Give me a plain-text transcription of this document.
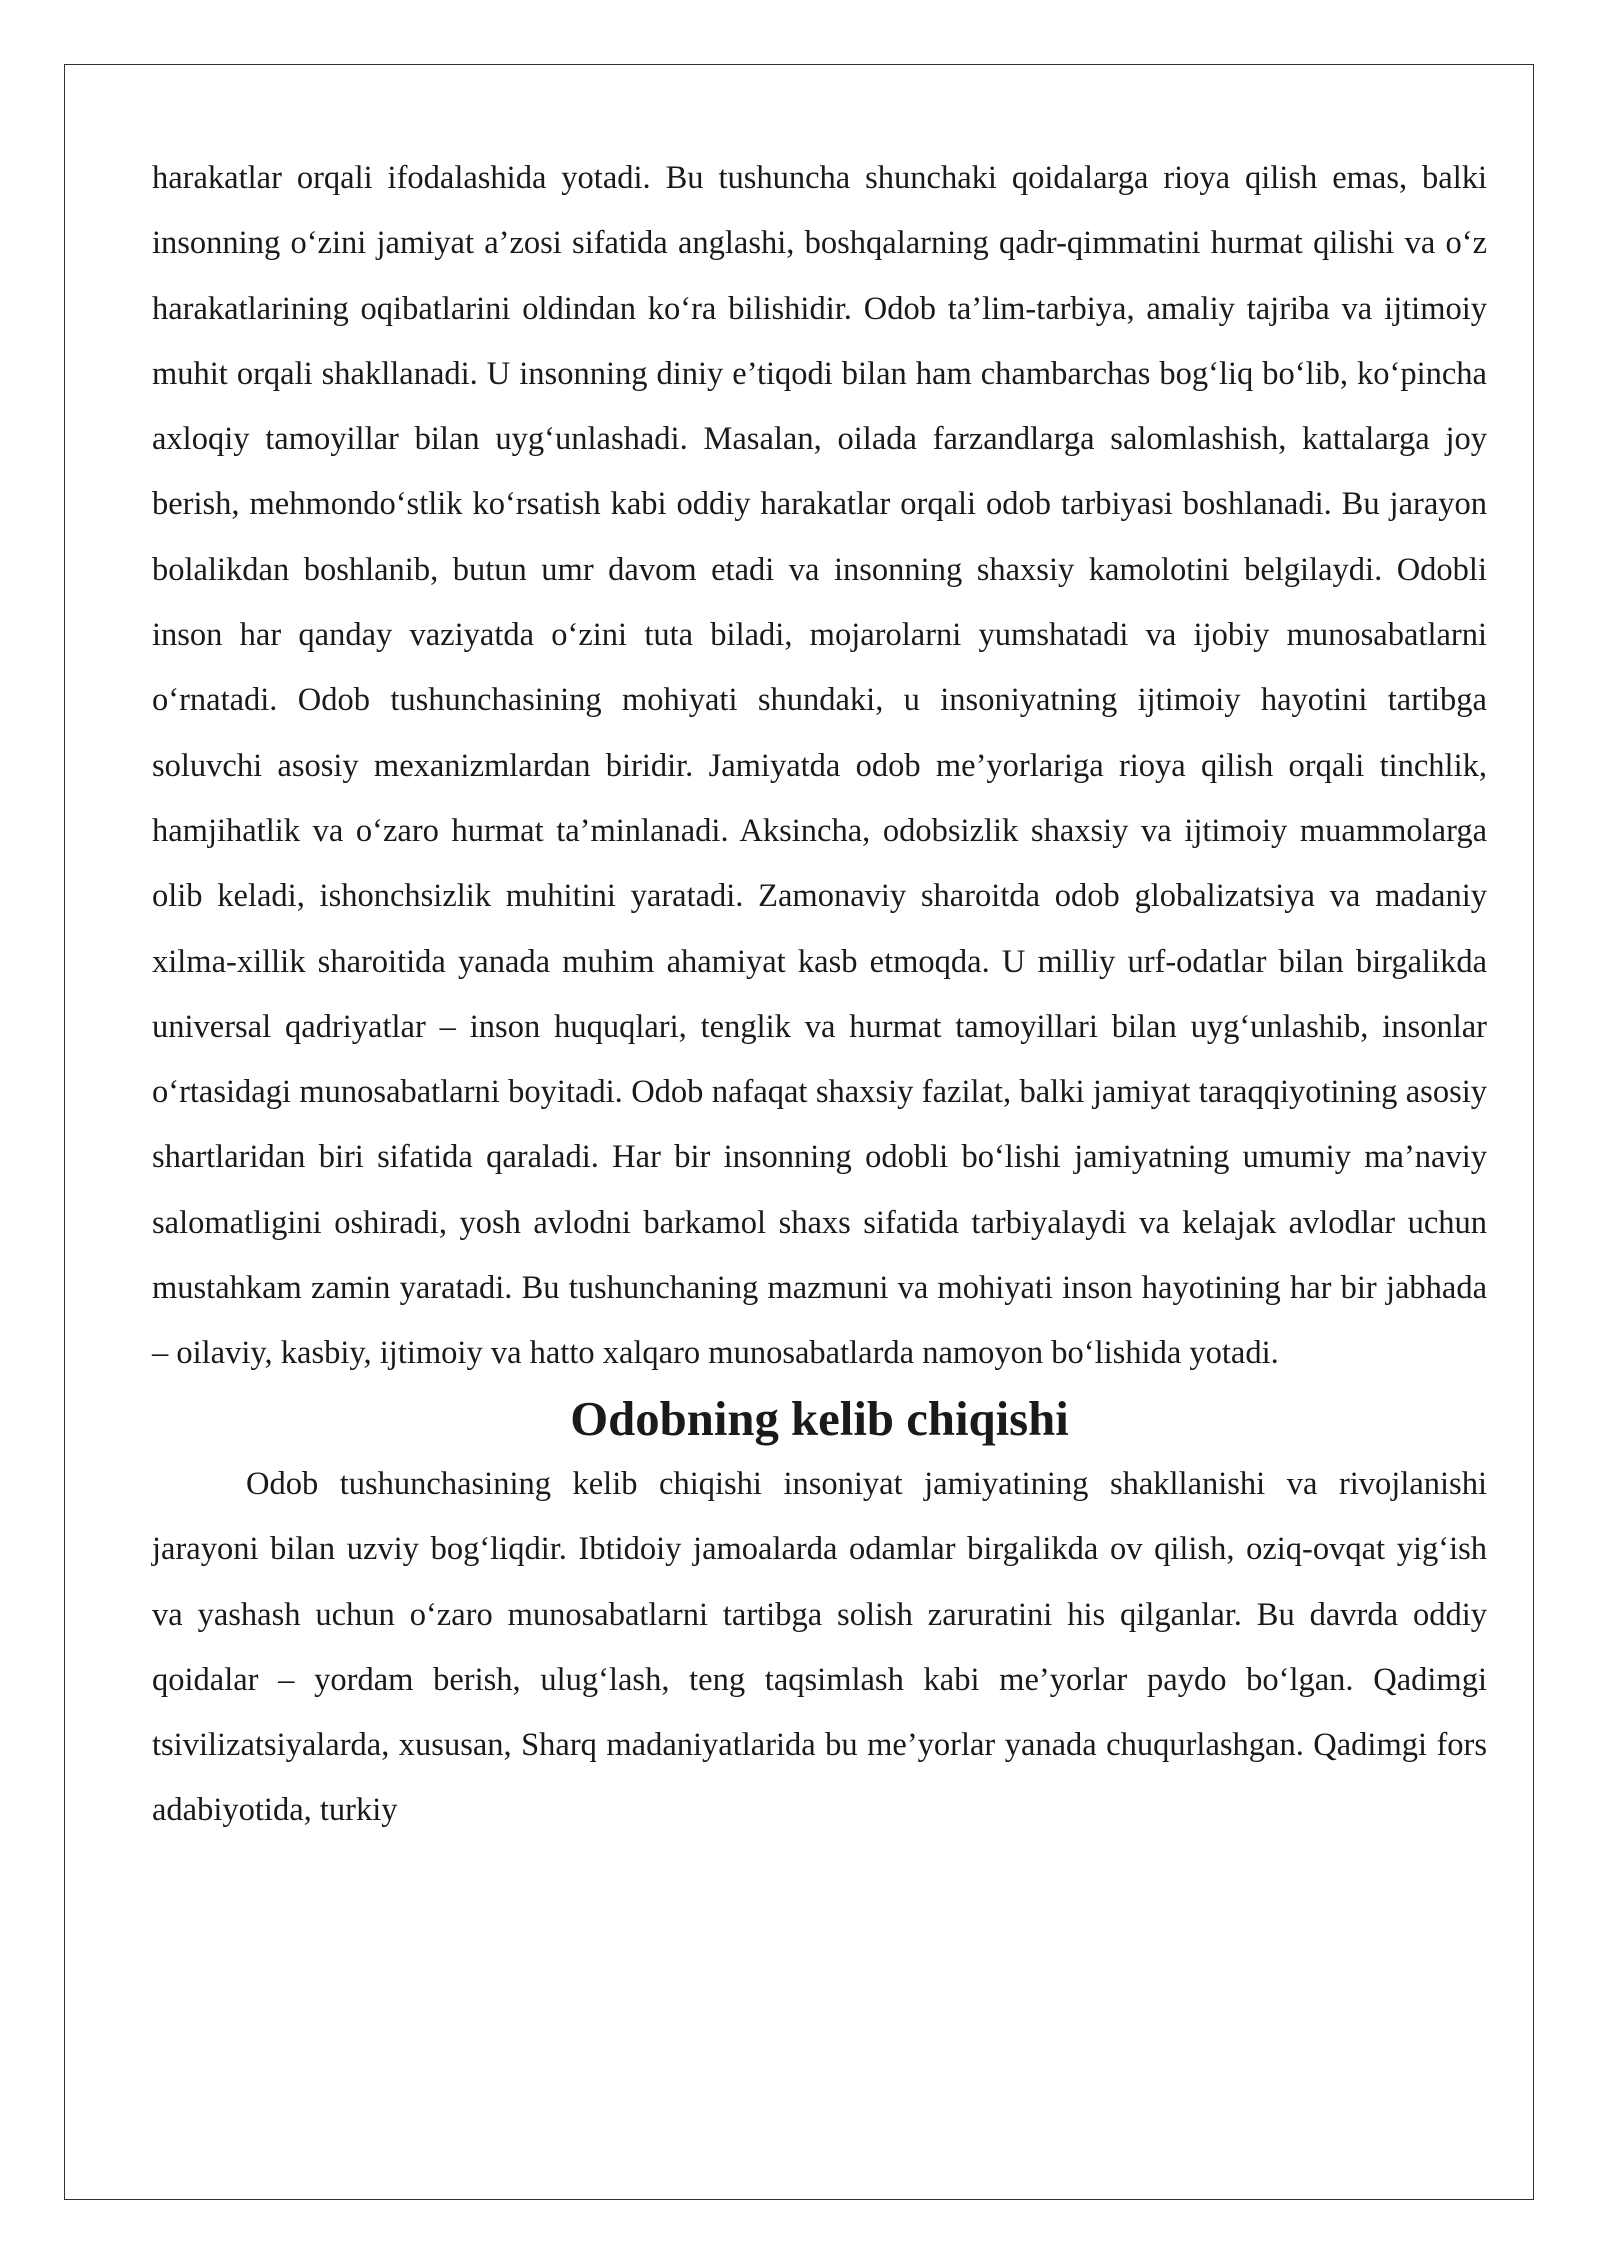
harakatlar orqali ifodalashida yotadi. Bu tushuncha shunchaki qoidalarga rioya qilish emas, balki insonning o‘zini jamiyat a’zosi sifatida anglashi, boshqalarning qadr-qimmatini hurmat qilishi va o‘z harakatlarining oqibatlarini oldindan ko‘ra bilishidir. Odob ta’lim-tarbiya, amaliy tajriba va ijtimoiy muhit orqali shakllanadi. U insonning diniy e’tiqodi bilan ham chambarchas bog‘liq bo‘lib, ko‘pincha axloqiy tamoyillar bilan uyg‘unlashadi. Masalan, oilada farzandlarga salomlashish, kattalarga joy berish, mehmondo‘stlik ko‘rsatish kabi oddiy harakatlar orqali odob tarbiyasi boshlanadi. Bu jarayon bolalikdan boshlanib, butun umr davom etadi va insonning shaxsiy kamolotini belgilaydi. Odobli inson har qanday vaziyatda o‘zini tuta biladi, mojarolarni yumshatadi va ijobiy munosabatlarni o‘rnatadi. Odob tushunchasining mohiyati shundaki, u insoniyatning ijtimoiy hayotini tartibga soluvchi asosiy mexanizmlardan biridir. Jamiyatda odob me’yorlariga rioya qilish orqali tinchlik, hamjihatlik va o‘zaro hurmat ta’minlanadi. Aksincha, odobsizlik shaxsiy va ijtimoiy muammolarga olib keladi, ishonchsizlik muhitini yaratadi. Zamonaviy sharoitda odob globalizatsiya va madaniy xilma-xillik sharoitida yanada muhim ahamiyat kasb etmoqda. U milliy urf-odatlar bilan birgalikda universal qadriyatlar – inson huquqlari, tenglik va hurmat tamoyillari bilan uyg‘unlashib, insonlar o‘rtasidagi munosabatlarni boyitadi. Odob nafaqat shaxsiy fazilat, balki jamiyat taraqqiyotining asosiy shartlaridan biri sifatida qaraladi. Har bir insonning odobli bo‘lishi jamiyatning umumiy ma’naviy salomatligini oshiradi, yosh avlodni barkamol shaxs sifatida tarbiyalaydi va kelajak avlodlar uchun mustahkam zamin yaratadi. Bu tushunchaning mazmuni va mohiyati inson hayotining har bir jabhada – oilaviy, kasbiy, ijtimoiy va hatto xalqaro munosabatlarda namoyon bo‘lishida yotadi.

Odobning kelib chiqishi

Odob tushunchasining kelib chiqishi insoniyat jamiyatining shakllanishi va rivojlanishi jarayoni bilan uzviy bog‘liqdir. Ibtidoiy jamoalarda odamlar birgalikda ov qilish, oziq-ovqat yig‘ish va yashash uchun o‘zaro munosabatlarni tartibga solish zaruratini his qilganlar. Bu davrda oddiy qoidalar – yordam berish, ulug‘lash, teng taqsimlash kabi me’yorlar paydo bo‘lgan. Qadimgi tsivilizatsiyalarda, xususan, Sharq madaniyatlarida bu me’yorlar yanada chuqurlashgan. Qadimgi fors adabiyotida, turkiy
